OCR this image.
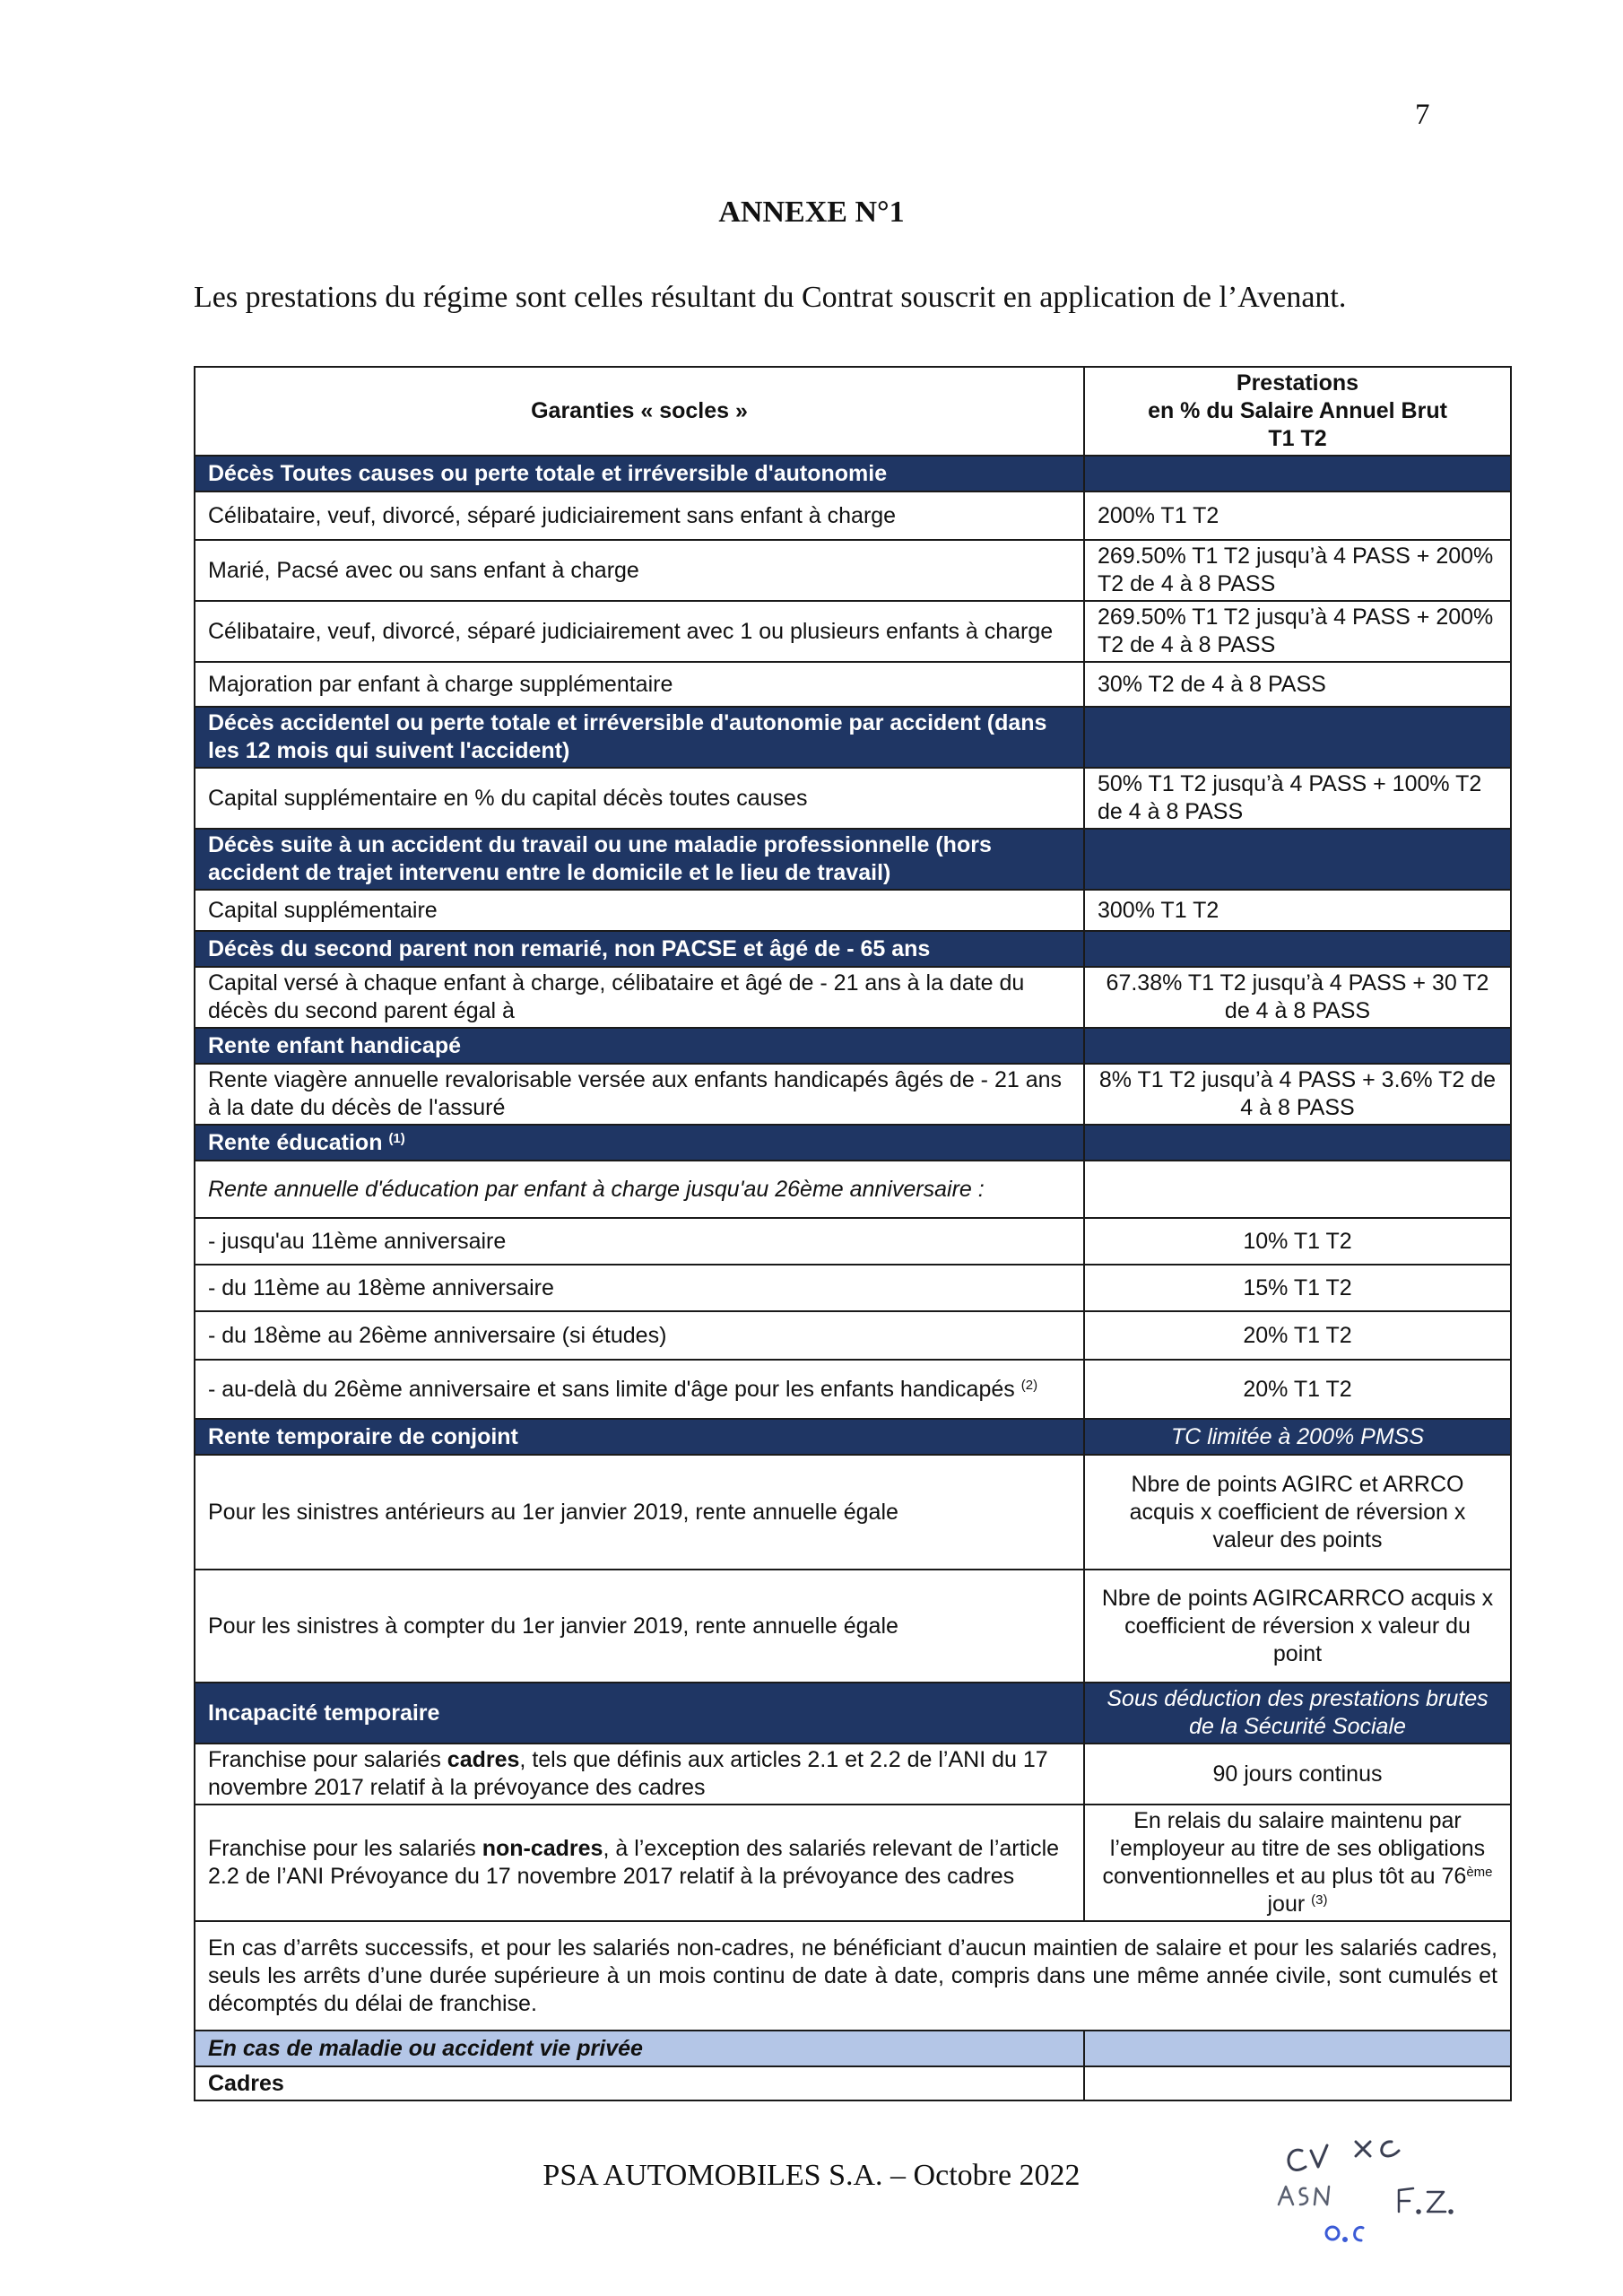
7
ANNEXE N°1
Les prestations du régime sont celles résultant du Contrat souscrit en application de l’Avenant.
Garanties « socles »	Prestations
en % du Salaire Annuel Brut
T1 T2

Décès Toutes causes ou perte totale et irréversible d'autonomie	
Célibataire, veuf, divorcé, séparé judiciairement sans enfant à charge	200% T1 T2
Marié, Pacsé avec ou sans enfant à charge	269.50% T1 T2 jusqu’à 4 PASS + 200% T2 de 4 à 8 PASS
Célibataire, veuf, divorcé, séparé judiciairement avec 1 ou plusieurs enfants à charge	269.50% T1 T2 jusqu’à 4 PASS + 200% T2 de 4 à 8 PASS
Majoration par enfant à charge supplémentaire	30% T2 de 4 à 8 PASS
Décès accidentel ou perte totale et irréversible d'autonomie par accident (dans les 12 mois qui suivent l'accident)	
Capital supplémentaire en % du capital décès toutes causes	50% T1 T2 jusqu’à 4 PASS + 100% T2 de 4 à 8 PASS
Décès suite à un accident du travail ou une maladie professionnelle (hors accident de trajet intervenu entre le domicile et le lieu de travail)	
Capital supplémentaire	300% T1 T2
Décès du second parent non remarié, non PACSE et âgé de - 65 ans	
Capital versé à chaque enfant à charge, célibataire et âgé de - 21 ans à la date du décès du second parent égal à	67.38% T1 T2 jusqu’à 4 PASS + 30 T2 de 4 à 8 PASS
Rente enfant handicapé	
Rente viagère annuelle revalorisable versée aux enfants handicapés âgés de - 21 ans à la date du décès de l'assuré	8% T1 T2 jusqu’à 4 PASS + 3.6% T2 de 4 à 8 PASS
Rente éducation $^{(1)}$	
Rente annuelle d'éducation par enfant à charge jusqu'au 26ème anniversaire :	
- jusqu'au 11ème anniversaire	10% T1 T2
- du 11ème au 18ème anniversaire	15% T1 T2
- du 18ème au 26ème anniversaire (si études)	20% T1 T2
- au-delà du 26ème anniversaire et sans limite d'âge pour les enfants handicapés $^{(2)}$	20% T1 T2
Rente temporaire de conjoint	TC limitée à 200% PMSS
Pour les sinistres antérieurs au 1er janvier 2019, rente annuelle égale	Nbre de points AGIRC et ARRCO acquis x coefficient de réversion x valeur des points
Pour les sinistres à compter du 1er janvier 2019, rente annuelle égale	Nbre de points AGIRCARRCO acquis x coefficient de réversion x valeur du point
Incapacité temporaire	Sous déduction des prestations brutes de la Sécurité Sociale
Franchise pour salariés cadres, tels que définis aux articles 2.1 et 2.2 de l’ANI du 17 novembre 2017 relatif à la prévoyance des cadres	90 jours continus
Franchise pour les salariés non-cadres, à l’exception des salariés relevant de l’article 2.2 de l’ANI Prévoyance du 17 novembre 2017 relatif à la prévoyance des cadres	En relais du salaire maintenu par l’employeur au titre de ses obligations conventionnelles et au plus tôt au 76ème jour $^{(3)}$
En cas d’arrêts successifs, et pour les salariés non-cadres, ne bénéficiant d’aucun maintien de salaire et pour les salariés cadres, seuls les arrêts d’une durée supérieure à un mois continu de date à date, compris dans une même année civile, sont cumulés et décomptés du délai de franchise.	
En cas de maladie ou accident vie privée	
Cadres	
PSA AUTOMOBILES S.A. – Octobre 2022
